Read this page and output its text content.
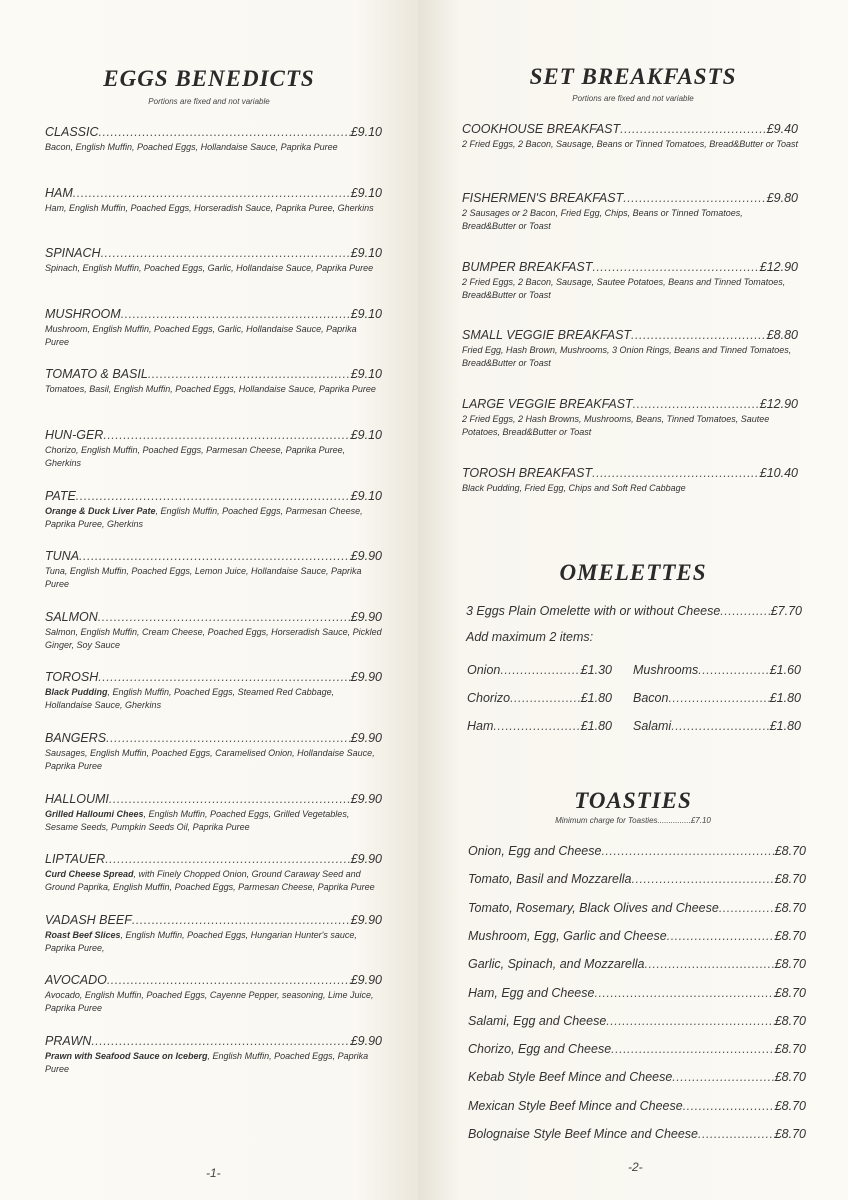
EGGS BENEDICTS
Portions are fixed and not variable
CLASSIC .....	£9.10
Bacon, English Muffin, Poached Eggs, Hollandaise Sauce, Paprika Puree
HAM .....	£9.10
Ham, English Muffin, Poached Eggs, Horseradish Sauce, Paprika Puree, Gherkins
SPINACH .....	£9.10
Spinach, English Muffin, Poached Eggs, Garlic, Hollandaise Sauce, Paprika Puree
MUSHROOM .....	£9.10
Mushroom, English Muffin, Poached Eggs, Garlic, Hollandaise Sauce, Paprika Puree
TOMATO & BASIL .....	£9.10
Tomatoes, Basil, English Muffin, Poached Eggs, Hollandaise Sauce, Paprika Puree
HUN-GER .....	£9.10
Chorizo, English Muffin, Poached Eggs, Parmesan Cheese, Paprika Puree, Gherkins
PATE .....	£9.10
Orange & Duck Liver Pate, English Muffin, Poached Eggs, Parmesan Cheese, Paprika Puree, Gherkins
TUNA .....	£9.90
Tuna, English Muffin, Poached Eggs, Lemon Juice, Hollandaise Sauce, Paprika Puree
SALMON .....	£9.90
Salmon, English Muffin, Cream Cheese, Poached Eggs, Horseradish Sauce, Pickled Ginger, Soy Sauce
TOROSH .....	£9.90
Black Pudding, English Muffin, Poached Eggs, Steamed Red Cabbage, Hollandaise Sauce, Gherkins
BANGERS .....	£9.90
Sausages, English Muffin, Poached Eggs, Caramelised Onion, Hollandaise Sauce, Paprika Puree
HALLOUMI .....	£9.90
Grilled Halloumi Chees, English Muffin, Poached Eggs, Grilled Vegetables, Sesame Seeds, Pumpkin Seeds Oil, Paprika Puree
LIPTAUER .....	£9.90
Curd Cheese Spread, with Finely Chopped Onion, Ground Caraway Seed and Ground Paprika, English Muffin, Poached Eggs, Parmesan Cheese, Paprika Puree
VADASH BEEF .....	£9.90
Roast Beef Slices, English Muffin, Poached Eggs, Hungarian Hunter's sauce, Paprika Puree,
AVOCADO .....	£9.90
Avocado, English Muffin, Poached Eggs, Cayenne Pepper, seasoning, Lime Juice, Paprika Puree
PRAWN .....	£9.90
Prawn with Seafood Sauce on Iceberg, English Muffin, Poached Eggs, Paprika Puree
-1-
SET BREAKFASTS
Portions are fixed and not variable
COOKHOUSE BREAKFAST .....	£9.40
2 Fried Eggs, 2 Bacon, Sausage, Beans or Tinned Tomatoes, Bread&Butter or Toast
FISHERMEN'S BREAKFAST .....	£9.80
2 Sausages or 2 Bacon, Fried Egg, Chips, Beans or Tinned Tomatoes, Bread&Butter or Toast
BUMPER BREAKFAST .....	£12.90
2 Fried Eggs, 2 Bacon, Sausage, Sautee Potatoes, Beans and Tinned Tomatoes, Bread&Butter or Toast
SMALL VEGGIE BREAKFAST .....	£8.80
Fried Egg, Hash Brown, Mushrooms, 3 Onion Rings, Beans and Tinned Tomatoes, Bread&Butter or Toast
LARGE VEGGIE BREAKFAST .....	£12.90
2 Fried Eggs, 2 Hash Browns, Mushrooms, Beans, Tinned Tomatoes, Sautee Potatoes, Bread&Butter or Toast
TOROSH BREAKFAST .....	£10.40
Black Pudding, Fried Egg, Chips and Soft Red Cabbage
OMELETTES
3 Eggs Plain Omelette with or without Cheese .....	£7.70
Add maximum 2 items:
Onion .....	£1.30 Mushrooms .....	£1.60
Chorizo .....	£1.80 Bacon .....	£1.80
Ham .....	£1.80 Salami .....	£1.80
TOASTIES
Minimum charge for Toasties...............£7.10
Onion, Egg and Cheese .....	£8.70
Tomato, Basil and Mozzarella .....	£8.70
Tomato, Rosemary, Black Olives and Cheese .....	£8.70
Mushroom, Egg, Garlic and Cheese .....	£8.70
Garlic, Spinach, and Mozzarella .....	£8.70
Ham, Egg and Cheese .....	£8.70
Salami, Egg and Cheese .....	£8.70
Chorizo, Egg and Cheese .....	£8.70
Kebab Style Beef Mince and Cheese .....	£8.70
Mexican Style Beef Mince and Cheese .....	£8.70
Bolognaise Style Beef Mince and Cheese .....	£8.70
-2-
